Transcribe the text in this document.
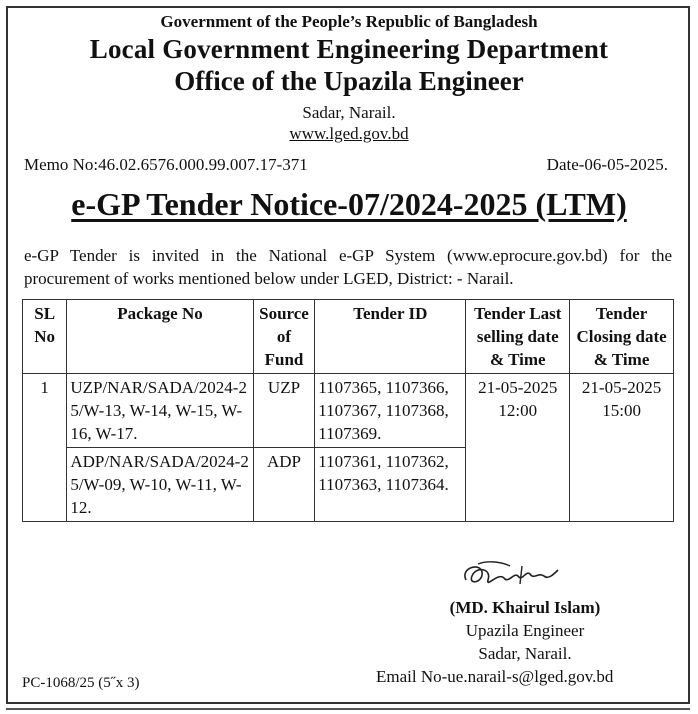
Government of the People’s Republic of Bangladesh
Local Government Engineering Department
Office of the Upazila Engineer
Sadar, Narail.
www.lged.gov.bd
Memo No:46.02.6576.000.99.007.17-371	Date-06-05-2025.
e-GP Tender Notice-07/2024-2025 (LTM)
e-GP Tender is invited in the National e-GP System (www.eprocure.gov.bd) for the procurement of works mentioned below under LGED, District: - Narail.
SL No	Package No	Source of Fund	Tender ID	Tender Last selling date & Time	Tender Closing date & Time
1	UZP/NAR/SADA/2024-25/W-13, W-14, W-15, W-16, W-17.	UZP	1107365, 1107366, 1107367, 1107368, 1107369.	21-05-2025 12:00	21-05-2025 15:00
	ADP/NAR/SADA/2024-25/W-09, W-10, W-11, W-12.	ADP	1107361, 1107362, 1107363, 1107364.		
(MD. Khairul Islam)
Upazila Engineer
Sadar, Narail.
Email No-ue.narail-s@lged.gov.bd
PC-1068/25 (5˝x 3)
